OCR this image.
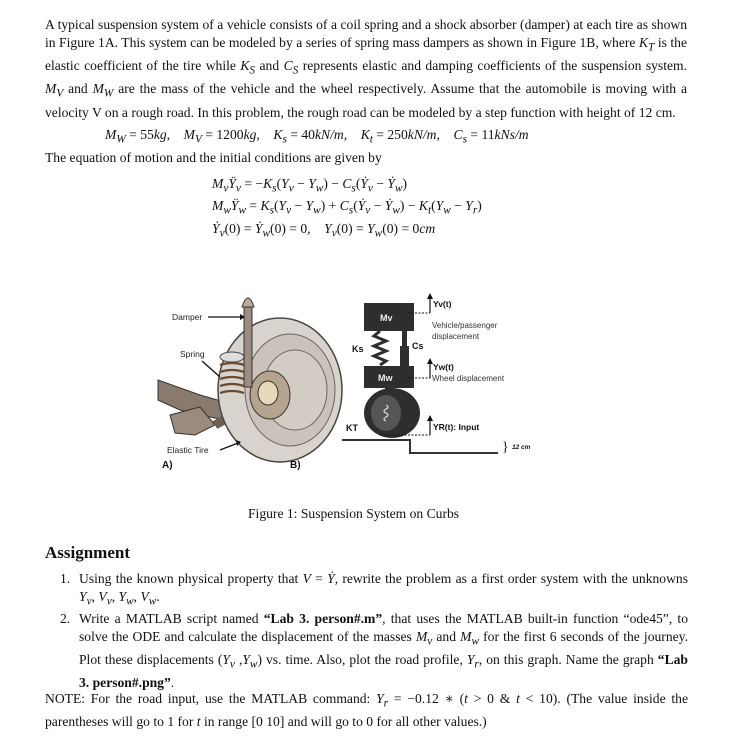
A typical suspension system of a vehicle consists of a coil spring and a shock absorber (damper) at each tire as shown in Figure 1A. This system can be modeled by a series of spring mass dampers as shown in Figure 1B, where $K_T$ is the elastic coefficient of the tire while $K_S$ and $C_S$ represents elastic and damping coefficients of the suspension system. $M_V$ and $M_W$ are the mass of the vehicle and the wheel respectively. Assume that the automobile is moving with a velocity V on a rough road. In this problem, the rough road can be modeled by a step function with height of 12 cm.
$M_W = 55kg$, $M_V = 1200kg$, $K_s = 40kN/m$, $K_t = 250kN/m$, $C_s = 11kNs/m$
The equation of motion and the initial conditions are given by
$M_vŸ_v = -K_s(Y_v - Y_w)$ − $C_s(Ẏ_v$ − Ẏ$_w$)
$M_wŸ_w = K_s(Y_v - Y_w)$ + $C_s(Ẏ_v$ − Ẏ$_w$) − $K_t(Y_w - Y_r)$
Ẏ$_v$(0) = Ẏ$_w$(0) = 0, $Y_v(0) = Y_w(0) = 0cm$
Damper
Spring
Elastic Tire
A)	B)
Mv
Ks	Cs
Mw
KT
Yv(t)
Vehicle/passenger
displacement
Yw(t)
Wheel displacement
YR(t): Input
} 12 cm
Figure 1: Suspension System on Curbs
Assignment
1. Using the known physical property that V = Ẏ, rewrite the problem as a first order system with the unknowns $Y_v$, $V_v$, $Y_w$, $V_w$.
2. Write a MATLAB script named “Lab 3. person#.m”, that uses the MATLAB built-in function “ode45”, to solve the ODE and calculate the displacement of the masses $M_v$ and $M_w$ for the first 6 seconds of the journey. Plot these displacements ($Y_v$ $,Y_w$) vs. time. Also, plot the road profile, $Y_r$, on this graph. Name the graph “Lab 3. person#.png”.
NOTE: For the road input, use the MATLAB command: $Y_r = -0.12$ ∗ (t > 0 & t < 10). (The value inside the parentheses will go to 1 for t in range [0 10] and will go to 0 for all other values.)
